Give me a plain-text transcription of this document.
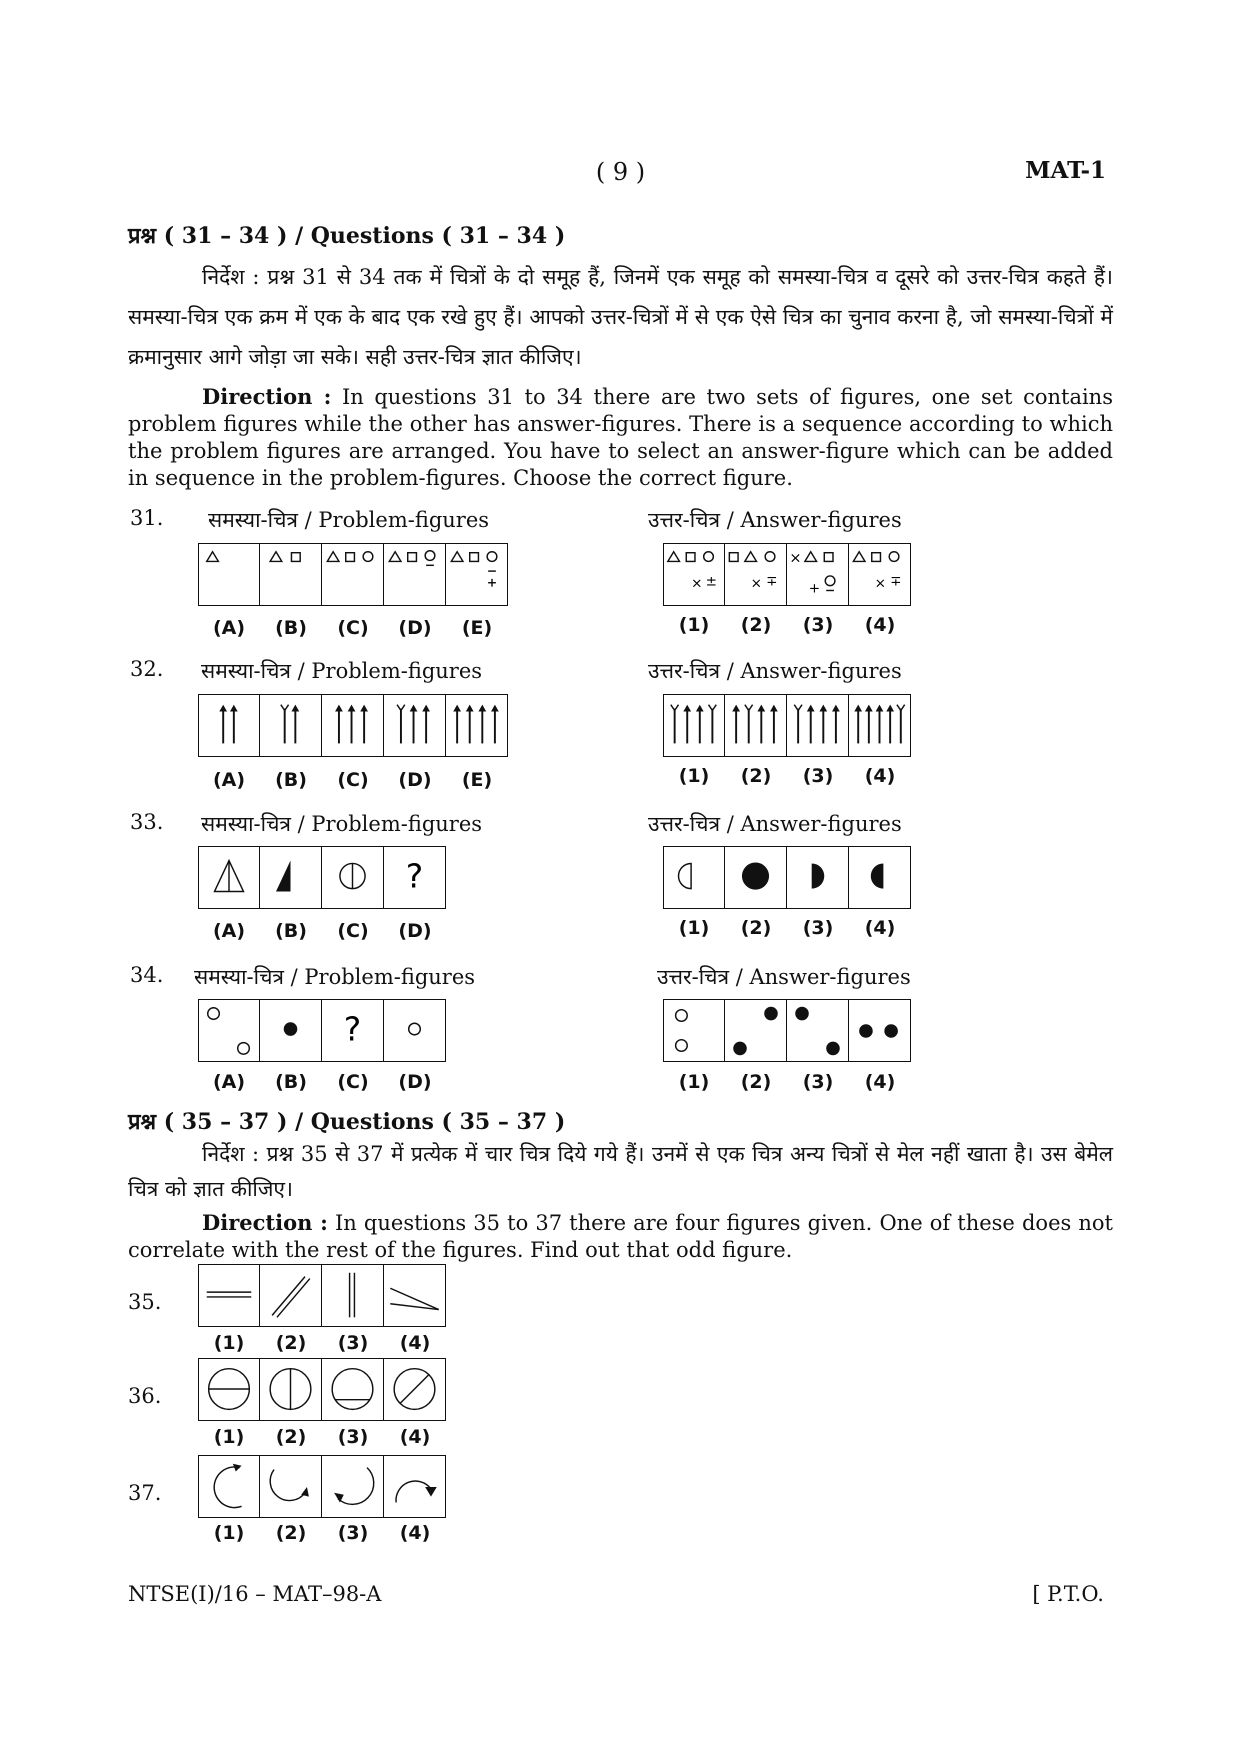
( 9 )	MAT-1
प्रश्न ( 31 – 34 ) / Questions ( 31 – 34 )
निर्देश : प्रश्न 31 से 34 तक में चित्रों के दो समूह हैं, जिनमें एक समूह को समस्या-चित्र व दूसरे को उत्तर-चित्र कहते हैं। समस्या-चित्र एक क्रम में एक के बाद एक रखे हुए हैं। आपको उत्तर-चित्रों में से एक ऐसे चित्र का चुनाव करना है, जो समस्या-चित्रों में क्रमानुसार आगे जोड़ा जा सके। सही उत्तर-चित्र ज्ञात कीजिए।
Direction : In questions 31 to 34 there are two sets of figures, one set contains problem figures while the other has answer-figures. There is a sequence according to which the problem figures are arranged. You have to select an answer-figure which can be added in sequence in the problem-figures. Choose the correct figure.
31. समस्या-चित्र / Problem-figures	उत्तर-चित्र / Answer-figures
(A)	(B)	(C)	(D)	(E)
× ± × ∓
×
+	× ∓
(1)	(2)	(3)	(4)
32. समस्या-चित्र / Problem-figures	उत्तर-चित्र / Answer-figures
(A)	(B)	(C)	(D)	(E)	(1)	(2)	(3)	(4)
33. समस्या-चित्र / Problem-figures	उत्तर-चित्र / Answer-figures
?
(A)	(B)	(C)	(D)	(1)	(2)	(3)	(4)
34. समस्या-चित्र / Problem-figures	उत्तर-चित्र / Answer-figures
?
(A)	(B)	(C)	(D)	(1)	(2)	(3)	(4)
प्रश्न ( 35 – 37 ) / Questions ( 35 – 37 )
निर्देश : प्रश्न 35 से 37 में प्रत्येक में चार चित्र दिये गये हैं। उनमें से एक चित्र अन्य चित्रों से मेल नहीं खाता है। उस बेमेल चित्र को ज्ञात कीजिए।
Direction : In questions 35 to 37 there are four figures given. One of these does not correlate with the rest of the figures. Find out that odd figure.
35.
(1)	(2)	(3)	(4)
36.
(1)	(2)	(3)	(4)
37.
(1)	(2)	(3)	(4)
NTSE(I)/16 – MAT–98-A	[ P.T.O.
